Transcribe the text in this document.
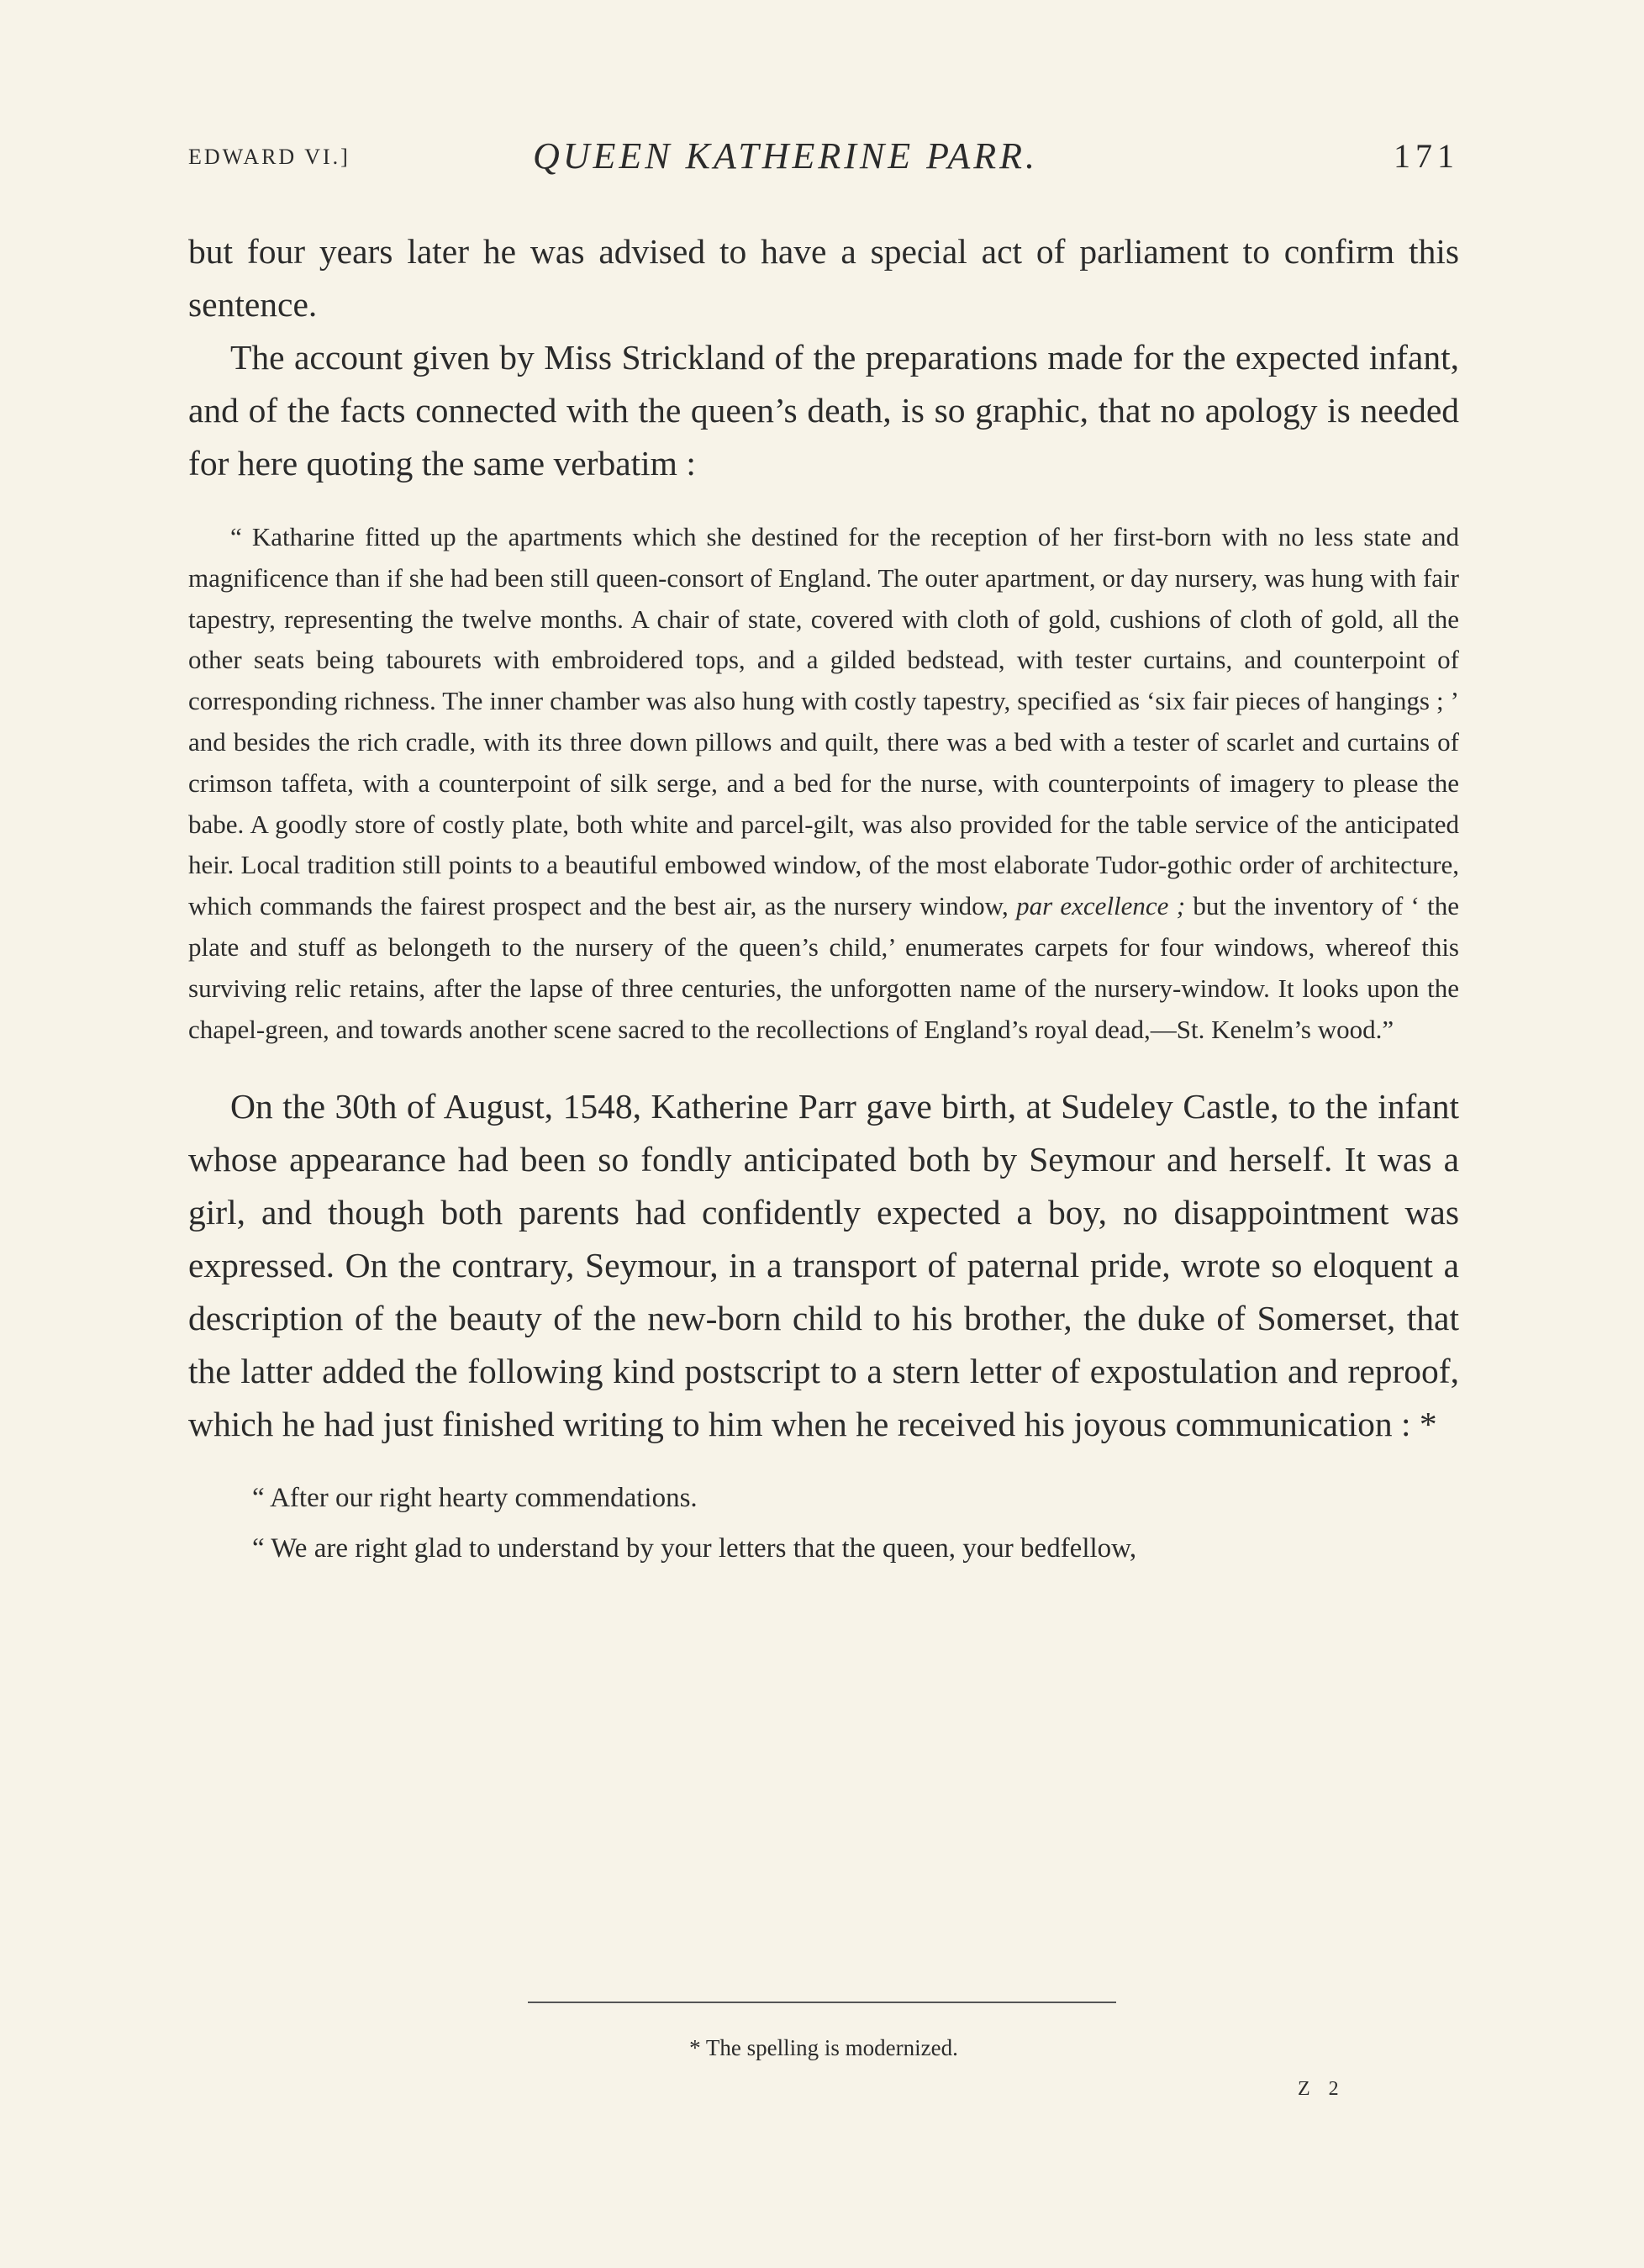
EDWARD VI.]	QUEEN KATHERINE PARR.	171

but four years later he was advised to have a special act of parliament to confirm this sentence.

The account given by Miss Strickland of the preparations made for the expected infant, and of the facts connected with the queen’s death, is so graphic, that no apology is needed for here quoting the same verbatim :

“ Katharine fitted up the apartments which she destined for the reception of her first-born with no less state and magnificence than if she had been still queen-consort of England. The outer apartment, or day nursery, was hung with fair tapestry, representing the twelve months. A chair of state, covered with cloth of gold, cushions of cloth of gold, all the other seats being tabourets with embroidered tops, and a gilded bedstead, with tester curtains, and counterpoint of corresponding richness. The inner chamber was also hung with costly tapestry, specified as ‘six fair pieces of hangings ; ’ and besides the rich cradle, with its three down pillows and quilt, there was a bed with a tester of scarlet and curtains of crimson taffeta, with a counterpoint of silk serge, and a bed for the nurse, with counterpoints of imagery to please the babe. A goodly store of costly plate, both white and parcel-gilt, was also provided for the table service of the anticipated heir. Local tradition still points to a beautiful embowed window, of the most elaborate Tudor-gothic order of architecture, which commands the fairest prospect and the best air, as the nursery window, par excellence ; but the inventory of ‘ the plate and stuff as belongeth to the nursery of the queen’s child,’ enumerates carpets for four windows, whereof this surviving relic retains, after the lapse of three centuries, the unforgotten name of the nursery-window. It looks upon the chapel-green, and towards another scene sacred to the recollections of England’s royal dead,—St. Kenelm’s wood.”

On the 30th of August, 1548, Katherine Parr gave birth, at Sudeley Castle, to the infant whose appearance had been so fondly anticipated both by Seymour and herself. It was a girl, and though both parents had confidently expected a boy, no disappointment was expressed. On the contrary, Seymour, in a transport of paternal pride, wrote so eloquent a description of the beauty of the new-born child to his brother, the duke of Somerset, that the latter added the following kind postscript to a stern letter of expostulation and reproof, which he had just finished writing to him when he received his joyous communication : *

“ After our right hearty commendations.

“ We are right glad to understand by your letters that the queen, your bedfellow,

* The spelling is modernized.
Z 2
